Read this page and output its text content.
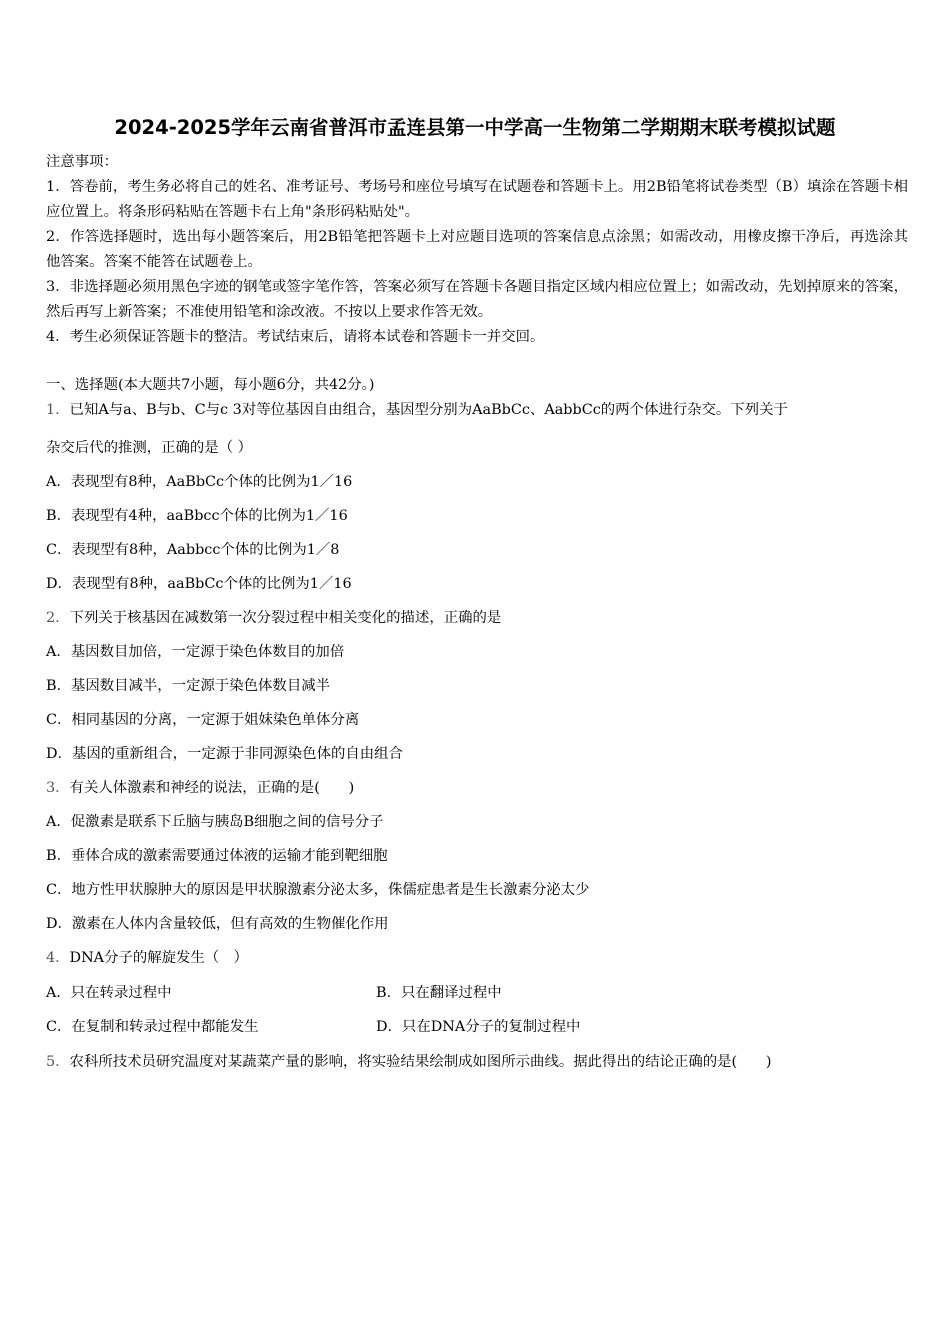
2024-2025学年云南省普洱市孟连县第一中学高一生物第二学期期末联考模拟试题

注意事项：

1．答卷前，考生务必将自己的姓名、准考证号、考场号和座位号填写在试题卷和答题卡上。用2B铅笔将试卷类型（B）填涂在答题卡相应位置上。将条形码粘贴在答题卡右上角"条形码粘贴处"。

2．作答选择题时，选出每小题答案后，用2B铅笔把答题卡上对应题目选项的答案信息点涂黑；如需改动，用橡皮擦干净后，再选涂其他答案。答案不能答在试题卷上。

3．非选择题必须用黑色字迹的钢笔或签字笔作答，答案必须写在答题卡各题目指定区域内相应位置上；如需改动，先划掉原来的答案，然后再写上新答案；不准使用铅笔和涂改液。不按以上要求作答无效。

4．考生必须保证答题卡的整洁。考试结束后，请将本试卷和答题卡一并交回。

一、选择题(本大题共7小题，每小题6分，共42分。)
1．已知A与a、B与b、C与c 3对等位基因自由组合，基因型分别为AaBbCc、AabbCc的两个体进行杂交。下列关于
杂交后代的推测，正确的是（ ）
A．表现型有8种，AaBbCc个体的比例为1／16
B．表现型有4种，aaBbcc个体的比例为1／16
C．表现型有8种，Aabbcc个体的比例为1／8
D．表现型有8种，aaBbCc个体的比例为1／16
2．下列关于核基因在减数第一次分裂过程中相关变化的描述，正确的是
A．基因数目加倍，一定源于染色体数目的加倍
B．基因数目减半，一定源于染色体数目减半
C．相同基因的分离，一定源于姐妹染色单体分离
D．基因的重新组合，一定源于非同源染色体的自由组合
3．有关人体激素和神经的说法，正确的是(　　)
A．促激素是联系下丘脑与胰岛B细胞之间的信号分子
B．垂体合成的激素需要通过体液的运输才能到靶细胞
C．地方性甲状腺肿大的原因是甲状腺激素分泌太多，侏儒症患者是生长激素分泌太少
D．激素在人体内含量较低，但有高效的生物催化作用
4．DNA分子的解旋发生（　）
A．只在转录过程中	B．只在翻译过程中
C．在复制和转录过程中都能发生	D．只在DNA分子的复制过程中
5．农科所技术员研究温度对某蔬菜产量的影响，将实验结果绘制成如图所示曲线。据此得出的结论正确的是(　　)
